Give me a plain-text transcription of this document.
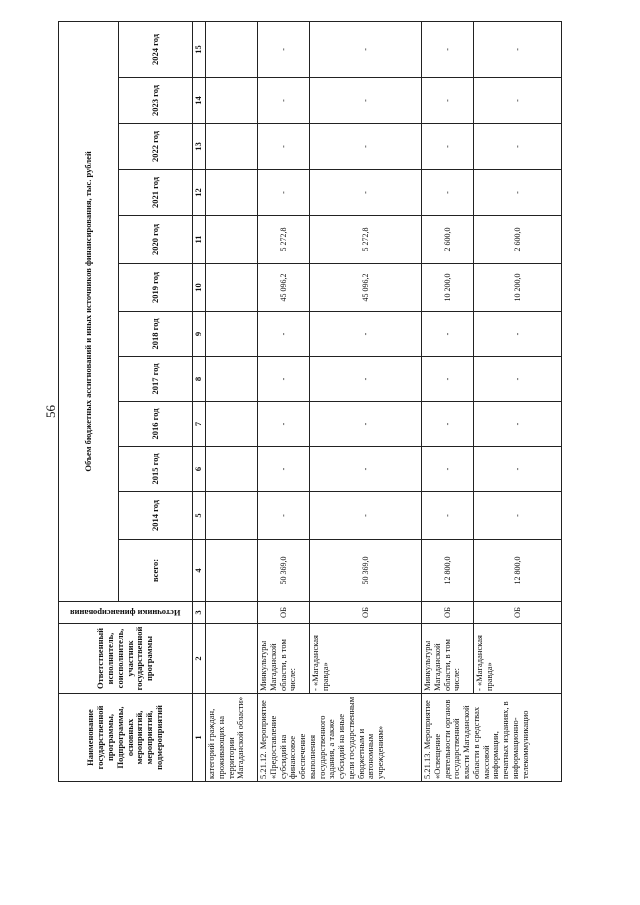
56
Наименование государственной программы, Подпрограммы, основных мероприятий, мероприятий, подмероприятий	Ответственный исполнитель, соисполнитель, участник государственной программы	Источники финансирования	Объем бюджетных ассигнований и иных источников финансирования, тыс. рублей											
			всего:	2014 год	2015 год	2016 год	2017 год	2018 год	2019 год	2020 год	2021 год	2022 год	2023 год	2024 год
1	2	3	4	5	6	7	8	9	10	11	12	13	14	15
категорий граждан, проживающих на территории Магаданской области»														
5.21.12. Мероприятие «Предоставление субсидий на финансовое обеспечение выполнения государственного задания, а также субсидий на иные цели государственным бюджетным и автономным учреждениям»	Минкультуры Магаданской области, в том числе:	ОБ	50 369,0	-	-	-	-	-	45 096,2	5 272,8	-	-	-	-
	- «Магаданская правда»	ОБ	50 369,0	-	-	-	-	-	45 096,2	5 272,8	-	-	-	-
5.21.13. Мероприятие «Освещение деятельности органов государственной власти Магаданской области в средствах массовой информации, печатных изданиях, в информационно-телекоммуникацио	Минкультуры Магаданской области, в том числе:	ОБ	12 800,0	-	-	-	-	-	10 200,0	2 600,0	-	-	-	-
	- «Магаданская правда»	ОБ	12 800,0	-	-	-	-	-	10 200,0	2 600,0	-	-	-	-
